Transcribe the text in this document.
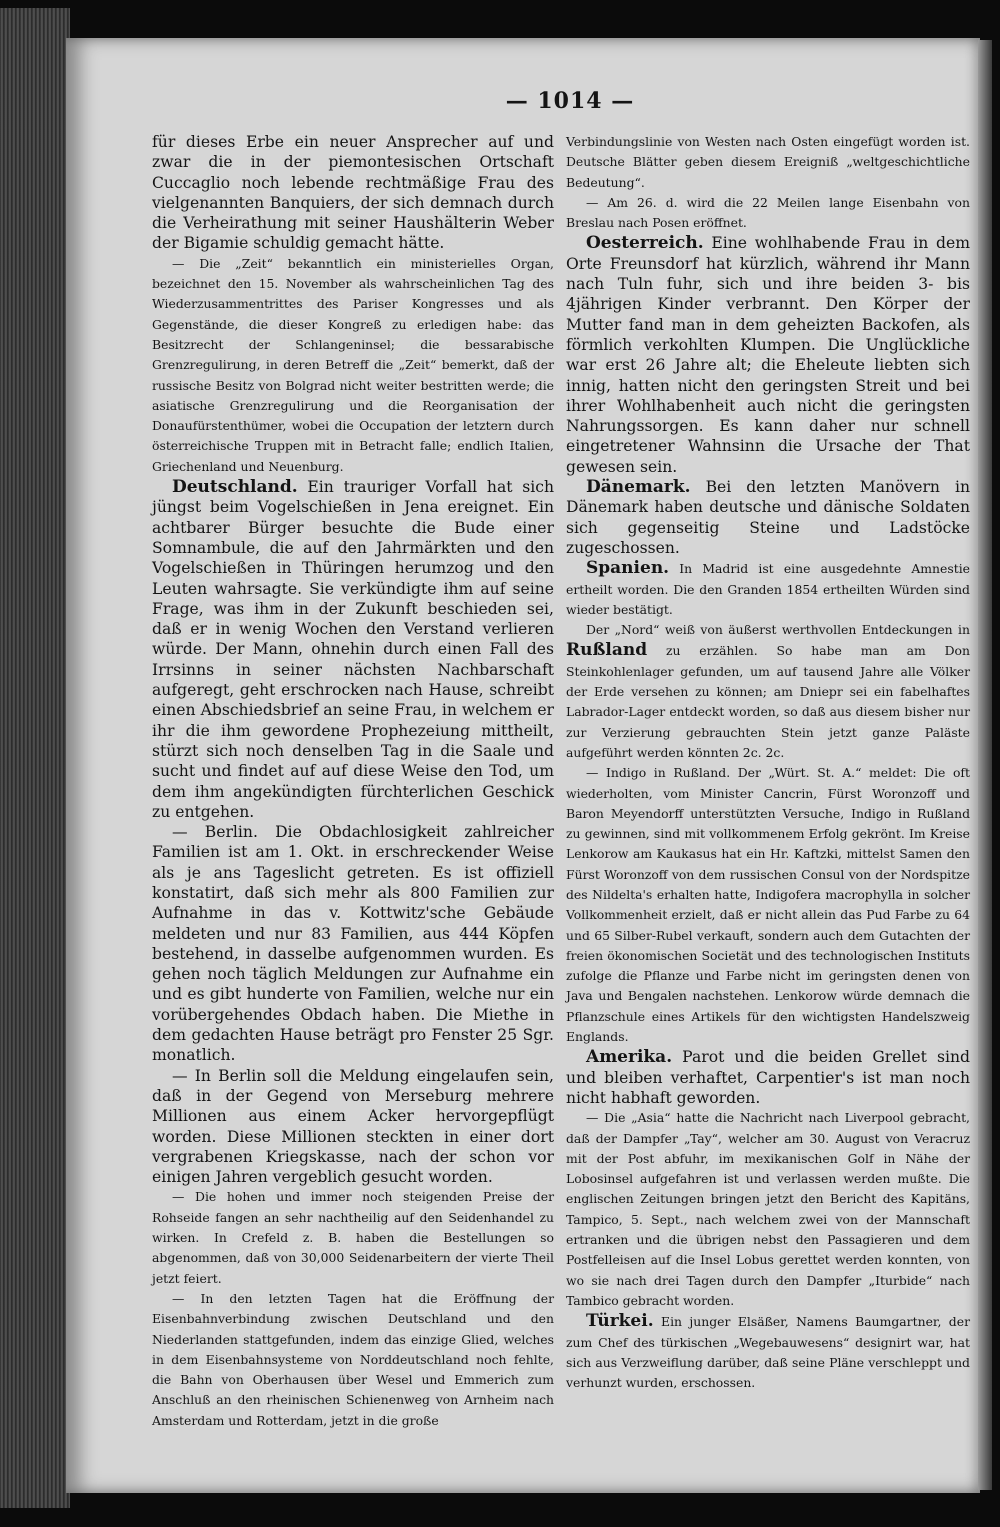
— 1014 —

für dieses Erbe ein neuer Ansprecher auf und zwar die in der piemontesischen Ortschaft Cuccaglio noch lebende rechtmäßige Frau des vielgenannten Banquiers, der sich demnach durch die Verheirathung mit seiner Haushälterin Weber der Bigamie schuldig gemacht hätte.

— Die „Zeit“ bekanntlich ein ministerielles Organ, bezeichnet den 15. November als wahrscheinlichen Tag des Wiederzusammentrittes des Pariser Kongresses und als Gegenstände, die dieser Kongreß zu erledigen habe: das Besitzrecht der Schlangeninsel; die bessarabische Grenzregulirung, in deren Betreff die „Zeit“ bemerkt, daß der russische Besitz von Bolgrad nicht weiter bestritten werde; die asiatische Grenzregulirung und die Reorganisation der Donaufürstenthümer, wobei die Occupation der letztern durch österreichische Truppen mit in Betracht falle; endlich Italien, Griechenland und Neuenburg.

Deutschland. Ein trauriger Vorfall hat sich jüngst beim Vogelschießen in Jena ereignet. Ein achtbarer Bürger besuchte die Bude einer Somnambule, die auf den Jahrmärkten und den Vogelschießen in Thüringen herumzog und den Leuten wahrsagte. Sie verkündigte ihm auf seine Frage, was ihm in der Zukunft beschieden sei, daß er in wenig Wochen den Verstand verlieren würde. Der Mann, ohnehin durch einen Fall des Irrsinns in seiner nächsten Nachbarschaft aufgeregt, geht erschrocken nach Hause, schreibt einen Abschiedsbrief an seine Frau, in welchem er ihr die ihm gewordene Prophezeiung mittheilt, stürzt sich noch denselben Tag in die Saale und sucht und findet auf auf diese Weise den Tod, um dem ihm angekündigten fürchterlichen Geschick zu entgehen.

— Berlin. Die Obdachlosigkeit zahlreicher Familien ist am 1. Okt. in erschreckender Weise als je ans Tageslicht getreten. Es ist offiziell konstatirt, daß sich mehr als 800 Familien zur Aufnahme in das v. Kottwitz'sche Gebäude meldeten und nur 83 Familien, aus 444 Köpfen bestehend, in dasselbe aufgenommen wurden. Es gehen noch täglich Meldungen zur Aufnahme ein und es gibt hunderte von Familien, welche nur ein vorübergehendes Obdach haben. Die Miethe in dem gedachten Hause beträgt pro Fenster 25 Sgr. monatlich.

— In Berlin soll die Meldung eingelaufen sein, daß in der Gegend von Merseburg mehrere Millionen aus einem Acker hervorgepflügt worden. Diese Millionen steckten in einer dort vergrabenen Kriegskasse, nach der schon vor einigen Jahren vergeblich gesucht worden.

— Die hohen und immer noch steigenden Preise der Rohseide fangen an sehr nachtheilig auf den Seidenhandel zu wirken. In Crefeld z. B. haben die Bestellungen so abgenommen, daß von 30,000 Seidenarbeitern der vierte Theil jetzt feiert.

— In den letzten Tagen hat die Eröffnung der Eisenbahnverbindung zwischen Deutschland und den Niederlanden stattgefunden, indem das einzige Glied, welches in dem Eisenbahnsysteme von Norddeutschland noch fehlte, die Bahn von Oberhausen über Wesel und Emmerich zum Anschluß an den rheinischen Schienenweg von Arnheim nach Amsterdam und Rotterdam, jetzt in die große

Verbindungslinie von Westen nach Osten eingefügt worden ist. Deutsche Blätter geben diesem Ereigniß „weltgeschichtliche Bedeutung“.

— Am 26. d. wird die 22 Meilen lange Eisenbahn von Breslau nach Posen eröffnet.

Oesterreich. Eine wohlhabende Frau in dem Orte Freunsdorf hat kürzlich, während ihr Mann nach Tuln fuhr, sich und ihre beiden 3- bis 4jährigen Kinder verbrannt. Den Körper der Mutter fand man in dem geheizten Backofen, als förmlich verkohlten Klumpen. Die Unglückliche war erst 26 Jahre alt; die Eheleute liebten sich innig, hatten nicht den geringsten Streit und bei ihrer Wohlhabenheit auch nicht die geringsten Nahrungssorgen. Es kann daher nur schnell eingetretener Wahnsinn die Ursache der That gewesen sein.

Dänemark. Bei den letzten Manövern in Dänemark haben deutsche und dänische Soldaten sich gegenseitig Steine und Ladstöcke zugeschossen.

Spanien. In Madrid ist eine ausgedehnte Amnestie ertheilt worden. Die den Granden 1854 ertheilten Würden sind wieder bestätigt.

Der „Nord“ weiß von äußerst werthvollen Entdeckungen in Rußland zu erzählen. So habe man am Don Steinkohlenlager gefunden, um auf tausend Jahre alle Völker der Erde versehen zu können; am Dniepr sei ein fabelhaftes Labrador-Lager entdeckt worden, so daß aus diesem bisher nur zur Verzierung gebrauchten Stein jetzt ganze Paläste aufgeführt werden könnten 2c. 2c.

— Indigo in Rußland. Der „Würt. St. A.“ meldet: Die oft wiederholten, vom Minister Cancrin, Fürst Woronzoff und Baron Meyendorff unterstützten Versuche, Indigo in Rußland zu gewinnen, sind mit vollkommenem Erfolg gekrönt. Im Kreise Lenkorow am Kaukasus hat ein Hr. Kaftzki, mittelst Samen den Fürst Woronzoff von dem russischen Consul von der Nordspitze des Nildelta's erhalten hatte, Indigofera macrophylla in solcher Vollkommenheit erzielt, daß er nicht allein das Pud Farbe zu 64 und 65 Silber-Rubel verkauft, sondern auch dem Gutachten der freien ökonomischen Societät und des technologischen Instituts zufolge die Pflanze und Farbe nicht im geringsten denen von Java und Bengalen nachstehen. Lenkorow würde demnach die Pflanzschule eines Artikels für den wichtigsten Handelszweig Englands.

Amerika. Parot und die beiden Grellet sind und bleiben verhaftet, Carpentier's ist man noch nicht habhaft geworden.

— Die „Asia“ hatte die Nachricht nach Liverpool gebracht, daß der Dampfer „Tay“, welcher am 30. August von Veracruz mit der Post abfuhr, im mexikanischen Golf in Nähe der Lobosinsel aufgefahren ist und verlassen werden mußte. Die englischen Zeitungen bringen jetzt den Bericht des Kapitäns, Tampico, 5. Sept., nach welchem zwei von der Mannschaft ertranken und die übrigen nebst den Passagieren und dem Postfelleisen auf die Insel Lobus gerettet werden konnten, von wo sie nach drei Tagen durch den Dampfer „Iturbide“ nach Tambico gebracht worden.

Türkei. Ein junger Elsäßer, Namens Baumgartner, der zum Chef des türkischen „Wegebauwesens“ designirt war, hat sich aus Verzweiflung darüber, daß seine Pläne verschleppt und verhunzt wurden, erschossen.
